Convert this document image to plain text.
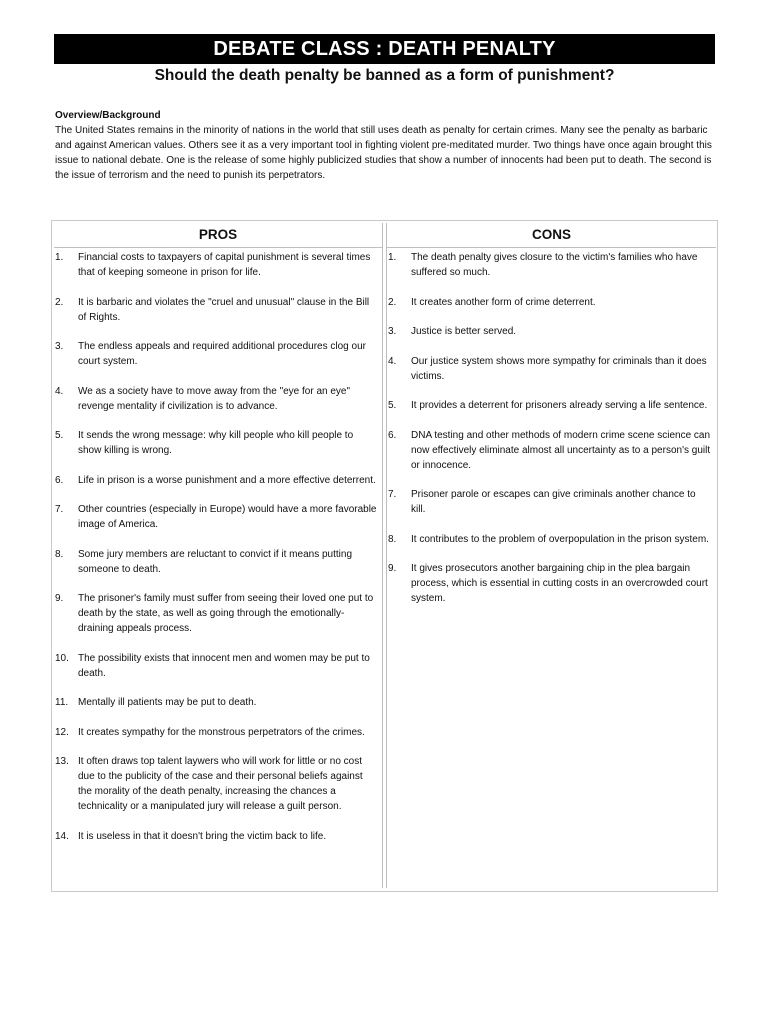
DEBATE CLASS : DEATH PENALTY
Should the death penalty be banned as a form of punishment?
Overview/Background
The United States remains in the minority of nations in the world that still uses death as penalty for certain crimes. Many see the penalty as barbaric and against American values. Others see it as a very important tool in fighting violent pre-meditated murder. Two things have once again brought this issue to national debate. One is the release of some highly publicized studies that show a number of innocents had been put to death. The second is the issue of terrorism and the need to punish its perpetrators.
PROS
1. Financial costs to taxpayers of capital punishment is several times that of keeping someone in prison for life.
2. It is barbaric and violates the "cruel and unusual" clause in the Bill of Rights.
3. The endless appeals and required additional procedures clog our court system.
4. We as a society have to move away from the "eye for an eye" revenge mentality if civilization is to advance.
5. It sends the wrong message: why kill people who kill people to show killing is wrong.
6. Life in prison is a worse punishment and a more effective deterrent.
7. Other countries (especially in Europe) would have a more favorable image of America.
8. Some jury members are reluctant to convict if it means putting someone to death.
9. The prisoner's family must suffer from seeing their loved one put to death by the state, as well as going through the emotionally-draining appeals process.
10. The possibility exists that innocent men and women may be put to death.
11. Mentally ill patients may be put to death.
12. It creates sympathy for the monstrous perpetrators of the crimes.
13. It often draws top talent laywers who will work for little or no cost due to the publicity of the case and their personal beliefs against the morality of the death penalty, increasing the chances a technicality or a manipulated jury will release a guilt person.
14. It is useless in that it doesn't bring the victim back to life.
CONS
1. The death penalty gives closure to the victim's families who have suffered so much.
2. It creates another form of crime deterrent.
3. Justice is better served.
4. Our justice system shows more sympathy for criminals than it does victims.
5. It provides a deterrent for prisoners already serving a life sentence.
6. DNA testing and other methods of modern crime scene science can now effectively eliminate almost all uncertainty as to a person's guilt or innocence.
7. Prisoner parole or escapes can give criminals another chance to kill.
8. It contributes to the problem of overpopulation in the prison system.
9. It gives prosecutors another bargaining chip in the plea bargain process, which is essential in cutting costs in an overcrowded court system.
